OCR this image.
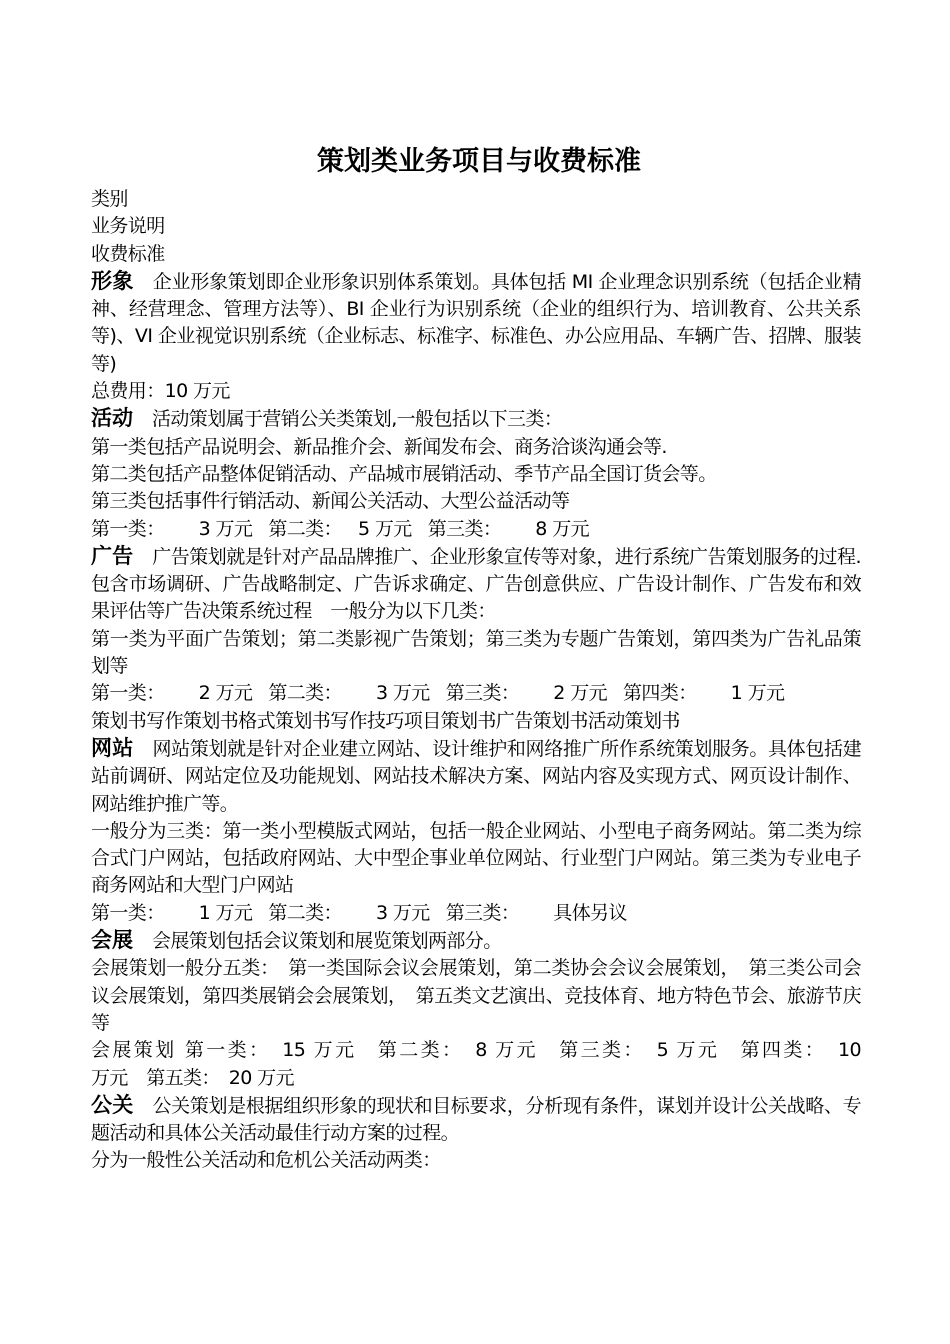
策划类业务项目与收费标准

类别

业务说明

收费标准

形象 企业形象策划即企业形象识别体系策划。具体包括 MI 企业理念识别系统（包括企业精神、经营理念、管理方法等）、BI 企业行为识别系统（企业的组织行为、培训教育、公共关系等)、VI 企业视觉识别系统（企业标志、标准字、标准色、办公应用品、车辆广告、招牌、服装等)

总费用：10 万元

活动 活动策划属于营销公关类策划,一般包括以下三类：

第一类包括产品说明会、新品推介会、新闻发布会、商务洽谈沟通会等.

第二类包括产品整体促销活动、产品城市展销活动、季节产品全国订货会等。

第三类包括事件行销活动、新闻公关活动、大型公益活动等

第一类： 3 万元 第二类： 5 万元 第三类： 8 万元

广告 广告策划就是针对产品品牌推广、企业形象宣传等对象，进行系统广告策划服务的过程.包含市场调研、广告战略制定、广告诉求确定、广告创意供应、广告设计制作、广告发布和效果评估等广告决策系统过程　一般分为以下几类：

第一类为平面广告策划；第二类影视广告策划；第三类为专题广告策划，第四类为广告礼品策划等

第一类： 2 万元 第二类： 3 万元 第三类： 2 万元 第四类： 1 万元

策划书写作策划书格式策划书写作技巧项目策划书广告策划书活动策划书

网站 网站策划就是针对企业建立网站、设计维护和网络推广所作系统策划服务。具体包括建站前调研、网站定位及功能规划、网站技术解决方案、网站内容及实现方式、网页设计制作、网站维护推广等。

一般分为三类：第一类小型模版式网站，包括一般企业网站、小型电子商务网站。第二类为综合式门户网站，包括政府网站、大中型企事业单位网站、行业型门户网站。第三类为专业电子商务网站和大型门户网站

第一类： 1 万元 第二类： 3 万元 第三类： 具体另议

会展 会展策划包括会议策划和展览策划两部分。

会展策划一般分五类：　第一类国际会议会展策划，第二类协会会议会展策划，　第三类公司会议会展策划，第四类展销会会展策划，　第五类文艺演出、竞技体育、地方特色节会、旅游节庆等

会展策划 第一类：　15 万元　第二类：　8 万元　第三类：　5 万元　第四类：　10

万元　第五类：　20 万元

公关 公关策划是根据组织形象的现状和目标要求，分析现有条件，谋划并设计公关战略、专题活动和具体公关活动最佳行动方案的过程。

分为一般性公关活动和危机公关活动两类：
